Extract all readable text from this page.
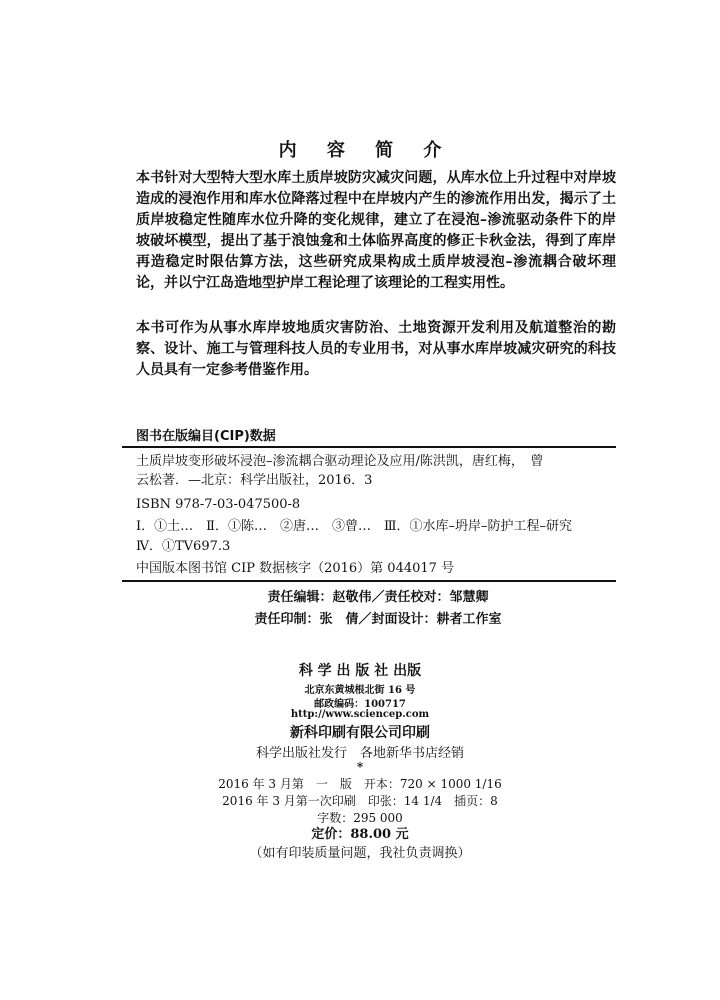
内 容 简 介

本书针对大型特大型水库土质岸坡防灾减灾问题，从库水位上升过程中对岸坡造成的浸泡作用和库水位降落过程中在岸坡内产生的渗流作用出发，揭示了土质岸坡稳定性随库水位升降的变化规律，建立了在浸泡–渗流驱动条件下的岸坡破坏模型，提出了基于浪蚀龛和土体临界高度的修正卡秋金法，得到了库岸再造稳定时限估算方法，这些研究成果构成土质岸坡浸泡–渗流耦合破坏理论，并以宁江岛造地型护岸工程论理了该理论的工程实用性。

本书可作为从事水库岸坡地质灾害防治、土地资源开发利用及航道整治的勘察、设计、施工与管理科技人员的专业用书，对从事水库岸坡减灾研究的科技人员具有一定参考借鉴作用。

图书在版编目(CIP)数据
土质岸坡变形破坏浸泡–渗流耦合驱动理论及应用/陈洪凯，唐红梅，　曾
云松著．—北京：科学出版社，2016．3
ISBN 978-7-03-047500-8
Ⅰ．①土…　Ⅱ．①陈…　②唐…　③曾…　Ⅲ．①水库–坍岸–防护工程–研究
Ⅳ．①TV697.3
中国版本图书馆 CIP 数据核字（2016）第 044017 号
责任编辑：赵敬伟／责任校对：邹慧卿
责任印制：张　倩／封面设计：耕者工作室
科 学 出 版 社 出版
北京东黄城根北街 16 号
邮政编码：100717
http://www.sciencep.com
新科印刷有限公司印刷
科学出版社发行　各地新华书店经销
*
2016 年 3 月第　一　版　开本：720 × 1000 1/16
2016 年 3 月第一次印刷　印张：14 1/4　插页：8
字数：295 000
定价：88.00 元
（如有印装质量问题，我社负责调换）
